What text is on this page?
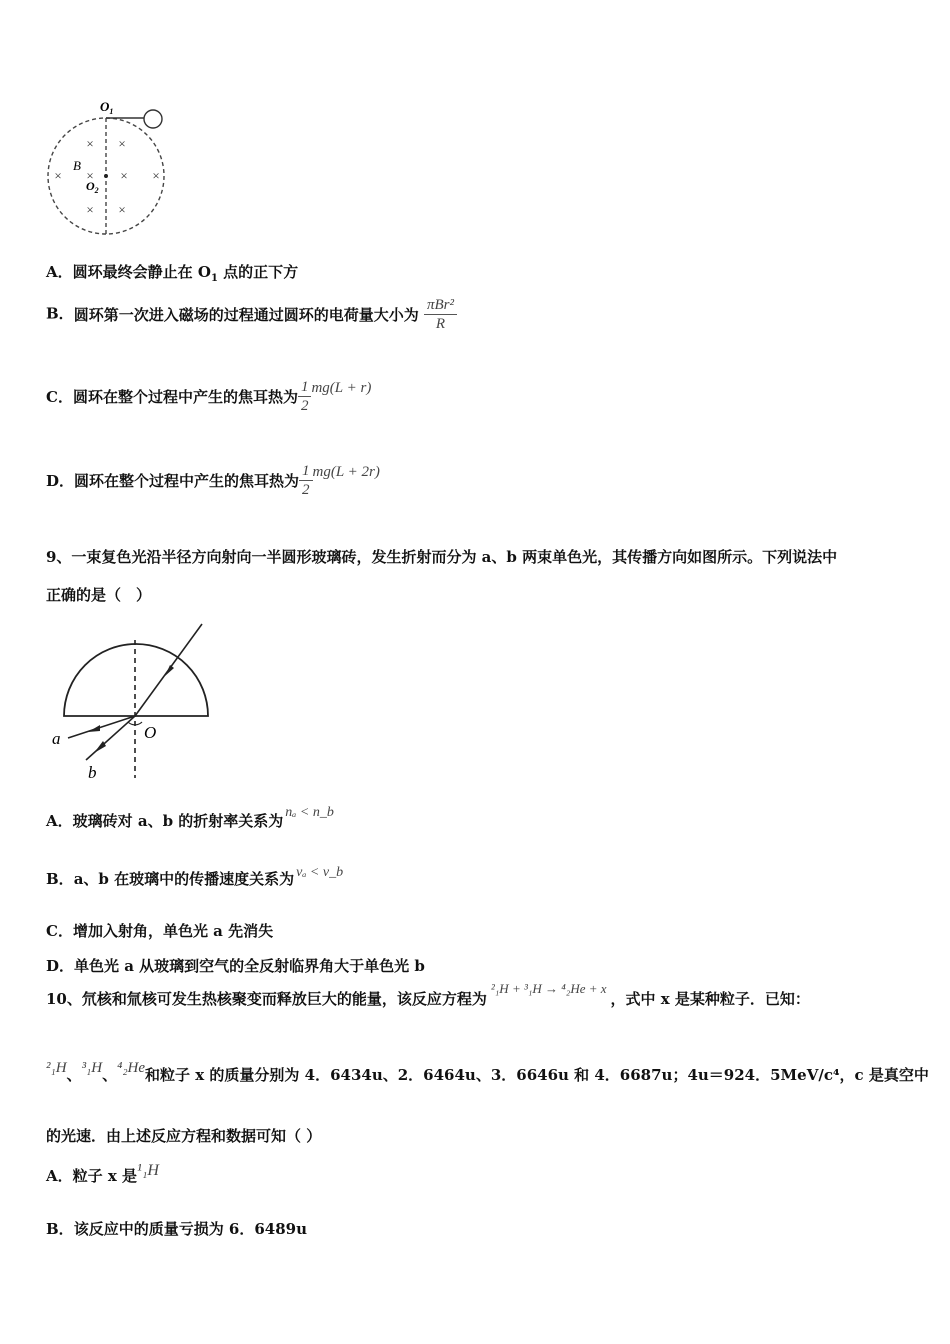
$O_1$
B
$O_2$
× ×
× × × ×
× ×
A．圆环最终会静止在 $O_1$ 点的正下方
B．圆环第一次进入磁场的过程通过圆环的电荷量大小为 $\frac{\text{πBr²}}{R}$
C．圆环在整个过程中产生的焦耳热为 $\frac{1}{2} mg(L + r)$
D．圆环在整个过程中产生的焦耳热为 $\frac{1}{2} mg(L + 2r)$
9、一束复色光沿半径方向射向一半圆形玻璃砖，发生折射而分为 a、b 两束单色光，其传播方向如图所示。下列说法中
正确的是（　）
a
b
O
A．玻璃砖对 a、b 的折射率关系为 nₐ < n_b
B．a、b 在玻璃中的传播速度关系为 vₐ < v_b
C．增加入射角，单色光 a 先消失
D．单色光 a 从玻璃到空气的全反射临界角大于单色光 b
10、氘核和氚核可发生热核聚变而释放巨大的能量，该反应方程为²₁H + ³₁H → ⁴₂He + x，式中 x 是某种粒子．已知：
²₁H、³₁H、⁴₂He和粒子 x 的质量分别为 4．6434u、2．6464u、3．6646u 和 4．6687u；4u＝924．5MeV/c⁴，c 是真空中
的光速．由上述反应方程和数据可知（ ）
A．粒子 x 是¹₁H
B．该反应中的质量亏损为 6．6489u
